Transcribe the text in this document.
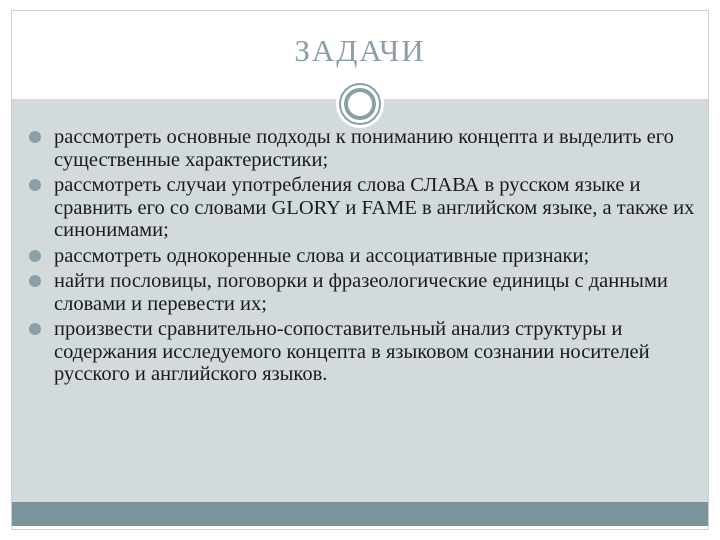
ЗАДАЧИ
рассмотреть основные подходы к пониманию концепта и выделить его существенные характеристики;
рассмотреть случаи употребления слова СЛАВА в русском языке и сравнить его со словами GLORY и FAME в английском языке, а также их синонимами;
рассмотреть однокоренные слова и ассоциативные признаки;
найти пословицы, поговорки и фразеологические единицы с данными словами и перевести их;
произвести сравнительно-сопоставительный анализ структуры и содержания исследуемого концепта в языковом сознании носителей русского и английского языков.
